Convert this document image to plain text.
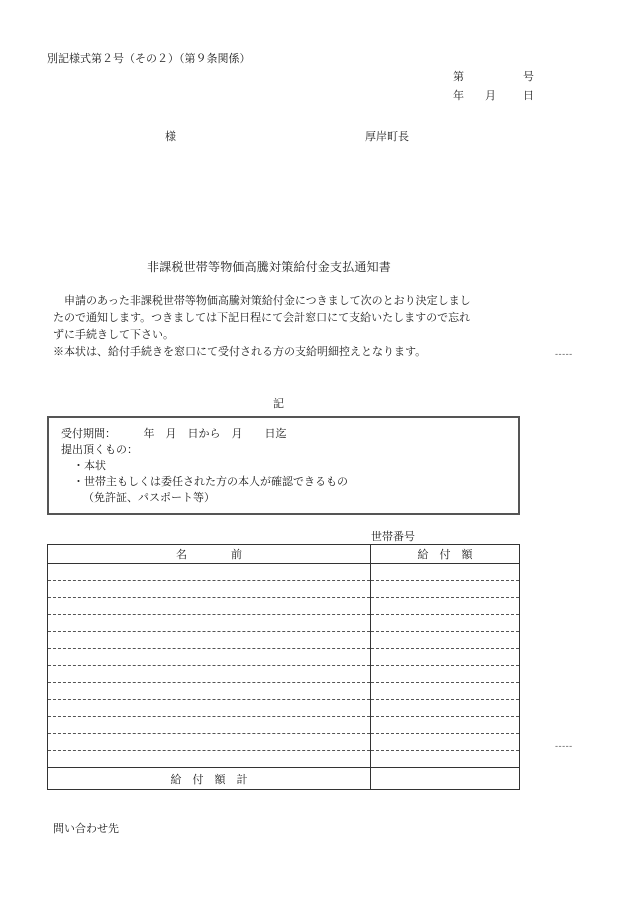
別記様式第２号（その２）（第９条関係）
第	号
年 月 日
様	厚岸町長
非課税世帯等物価高騰対策給付金支払通知書
　申請のあった非課税世帯等物価高騰対策給付金につきまして次のとおり決定しまし
たので通知します。つきましては下記日程にて会計窓口にて支給いたしますので忘れ
ずに手続きして下さい。
※本状は、給付手続きを窓口にて受付される方の支給明細控えとなります。	-----
記
受付期間：　　　年　月　日から　月　　日迄
提出頂くもの：
・本状
・世帯主もしくは委任された方の本人が確認できるもの
（免許証、パスポート等）
世帯番号
名　　　　前	給　付　額

給　付　額　計	
-----
問い合わせ先
